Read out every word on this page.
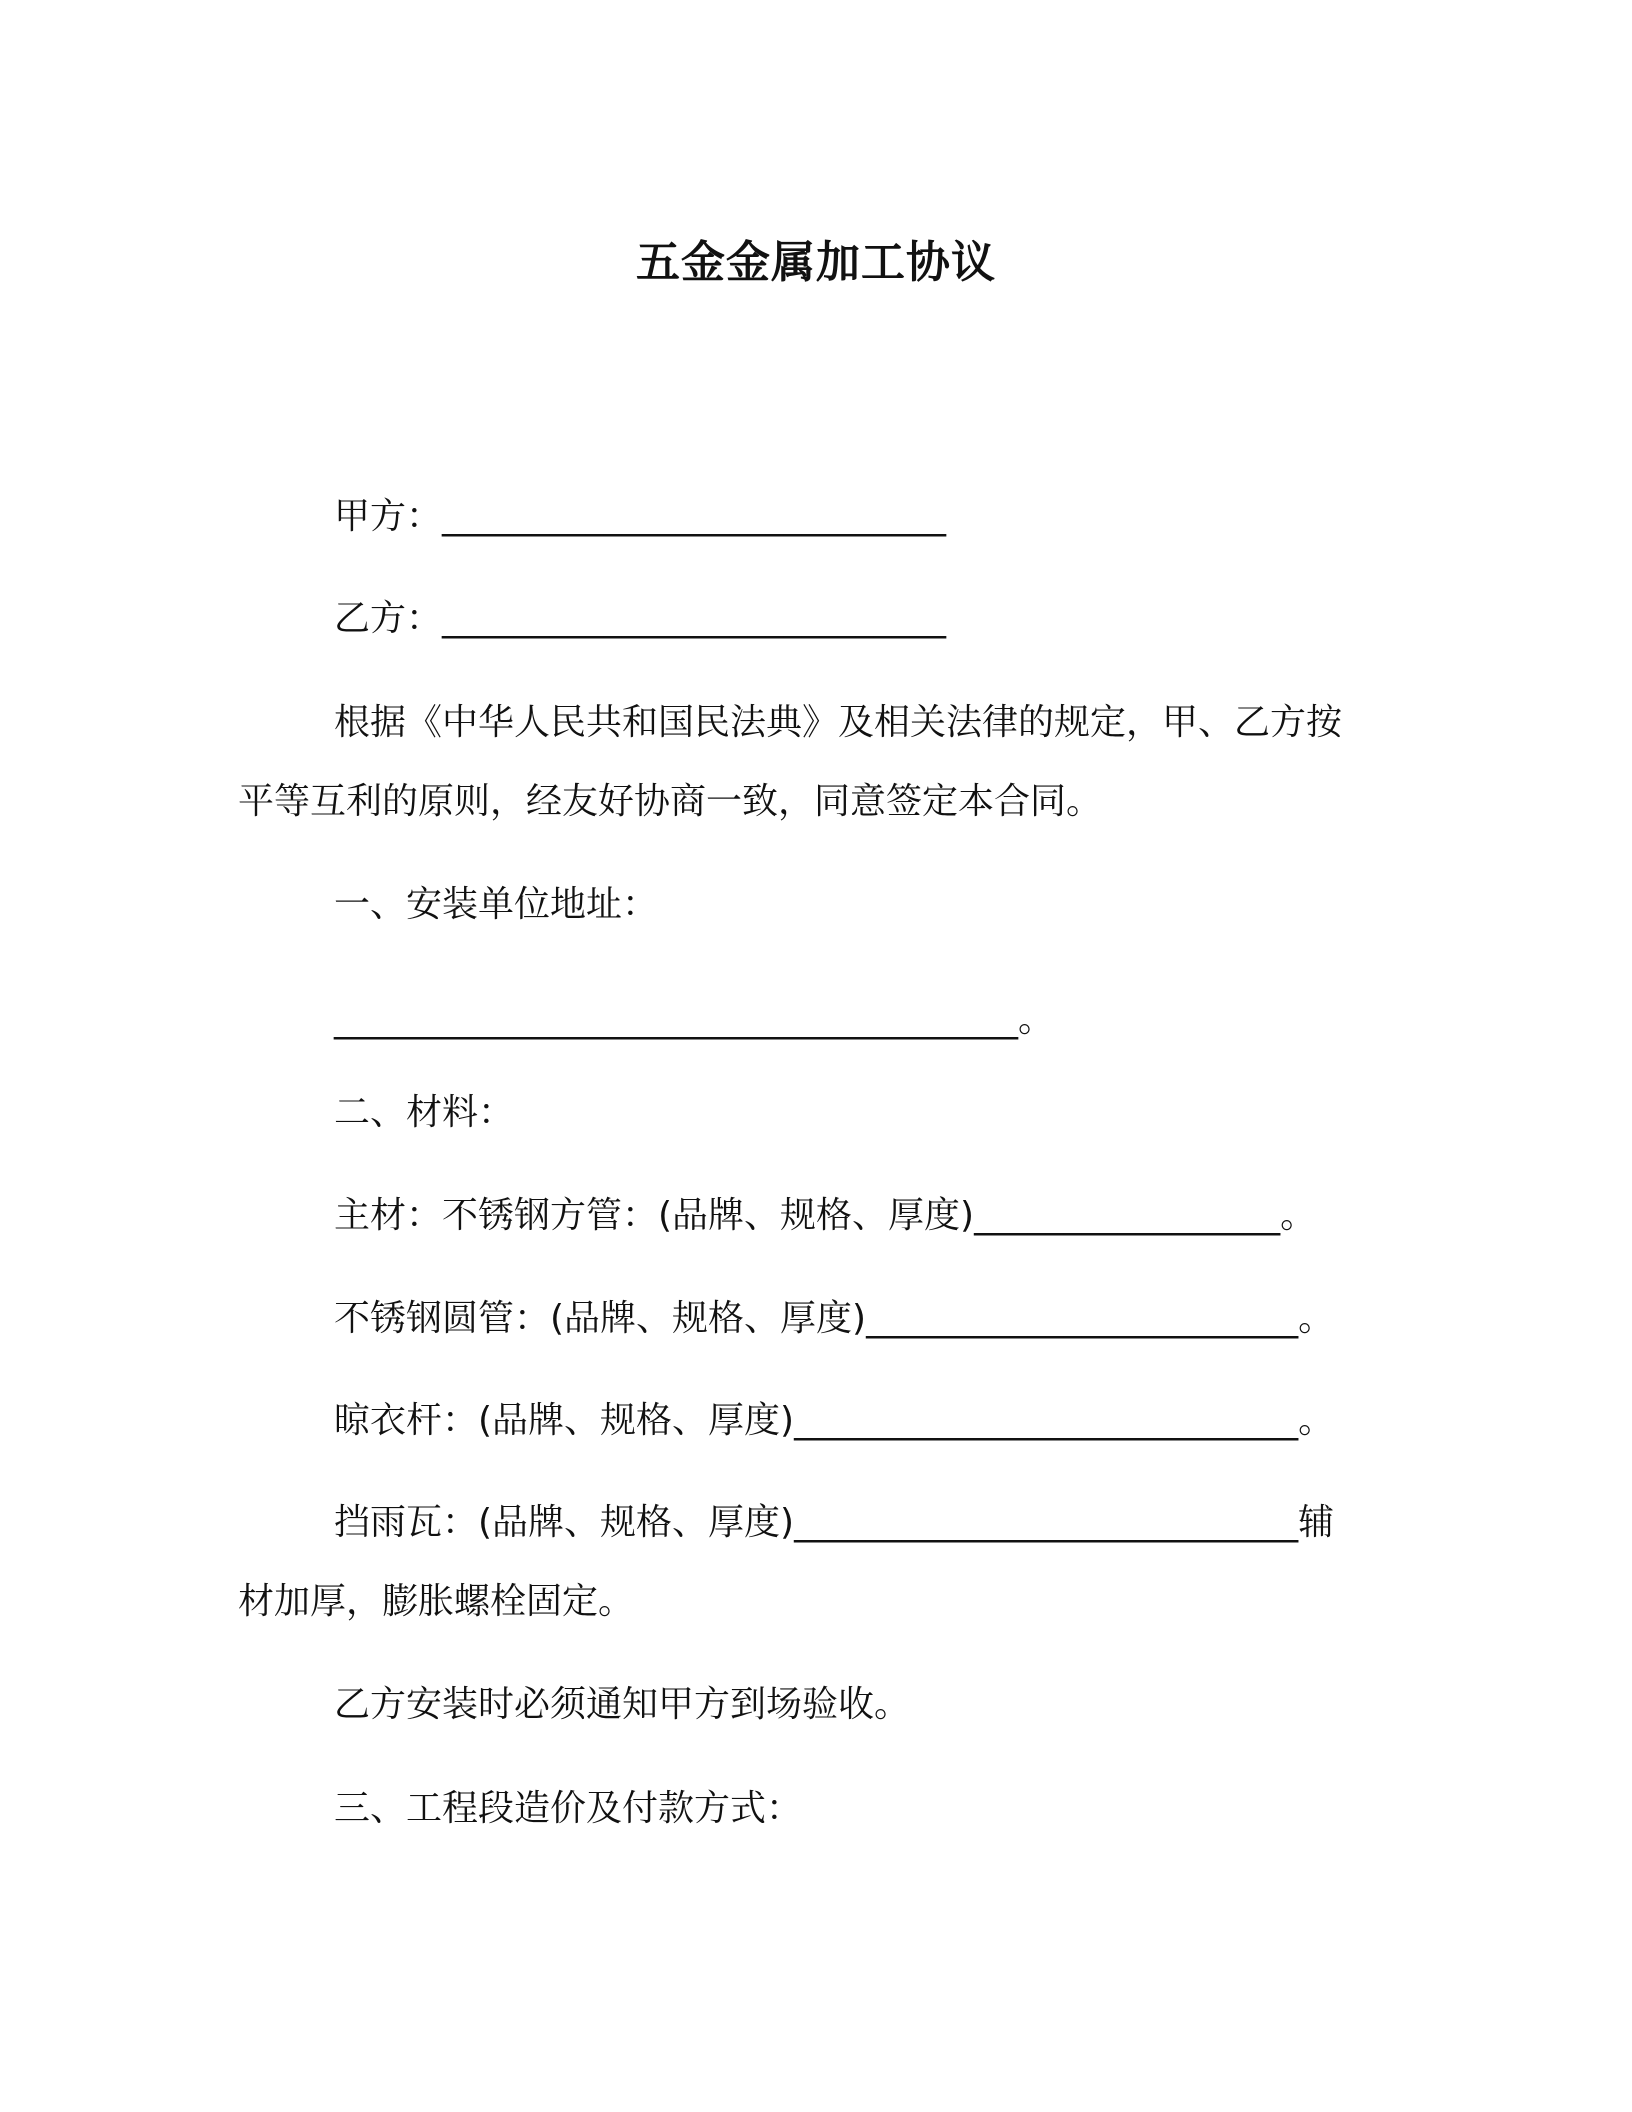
五金金属加工协议
甲方：____________________________
乙方：____________________________
根据《中华人民共和国民法典》及相关法律的规定，甲、乙方按
平等互利的原则，经友好协商一致，同意签定本合同。
一、安装单位地址：
______________________________________。
二、材料：
主材：不锈钢方管：(品牌、规格、厚度)_________________。
不锈钢圆管：(品牌、规格、厚度)________________________。
晾衣杆：(品牌、规格、厚度)____________________________。
挡雨瓦：(品牌、规格、厚度)____________________________辅
材加厚，膨胀螺栓固定。
乙方安装时必须通知甲方到场验收。
三、工程段造价及付款方式：
